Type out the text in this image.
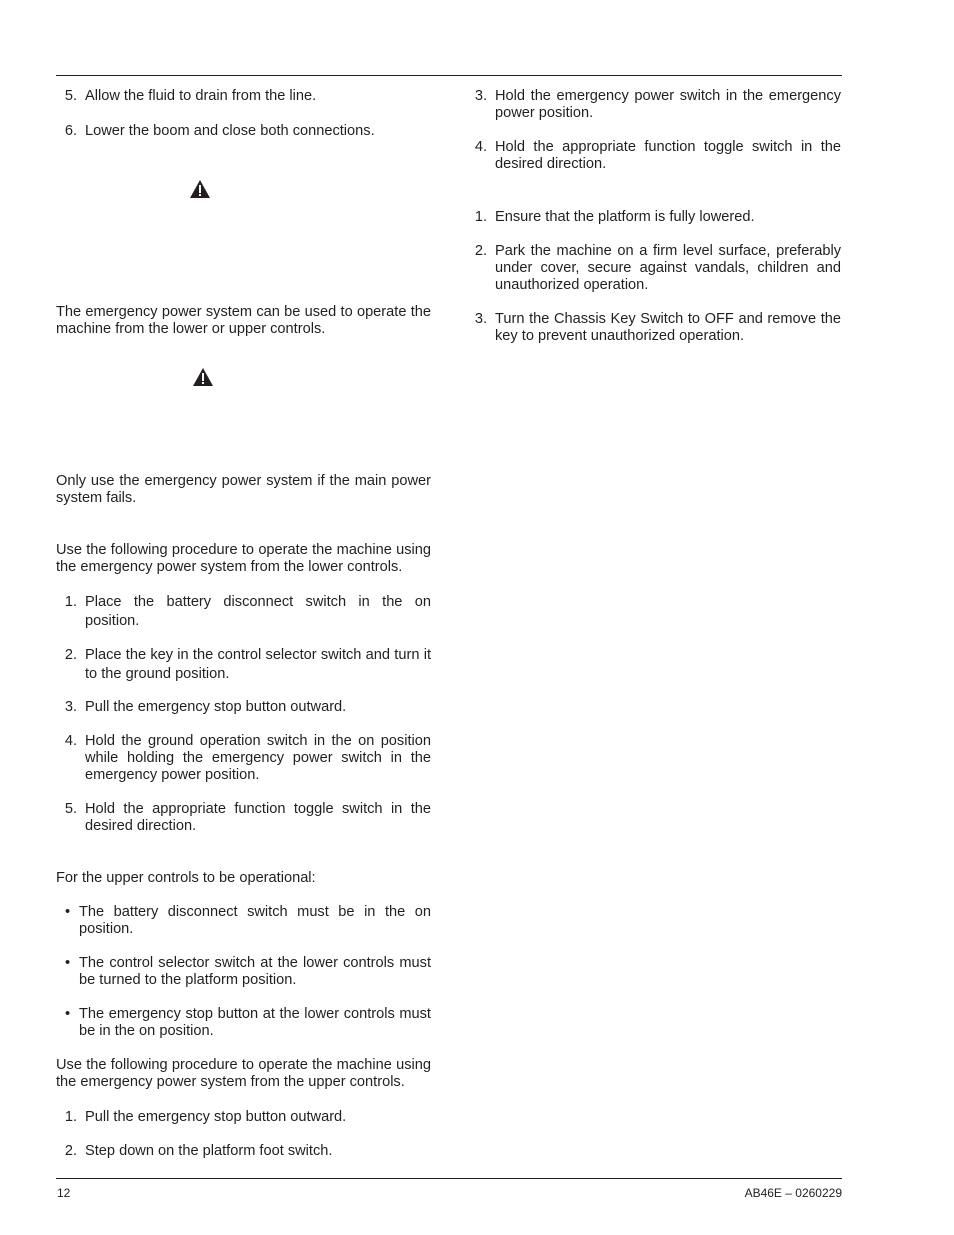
5. Allow the fluid to drain from the line.
6. Lower the boom and close both connections.

The emergency power system can be used to operate the machine from the lower or upper controls.

Only use the emergency power system if the main power system fails.

Use the following procedure to operate the machine using the emergency power system from the lower controls.

1. Place the battery disconnect switch in the on position.
2. Place the key in the control selector switch and turn it to the ground position.
3. Pull the emergency stop button outward.
4. Hold the ground operation switch in the on position while holding the emergency power switch in the emergency power position.
5. Hold the appropriate function toggle switch in the desired direction.

For the upper controls to be operational:

• The battery disconnect switch must be in the on position.
• The control selector switch at the lower controls must be turned to the platform position.
• The emergency stop button at the lower controls must be in the on position.

Use the following procedure to operate the machine using the emergency power system from the upper controls.

1. Pull the emergency stop button outward.
2. Step down on the platform foot switch.
3. Hold the emergency power switch in the emergency power position.
4. Hold the appropriate function toggle switch in the desired direction.
1. Ensure that the platform is fully lowered.
2. Park the machine on a firm level surface, preferably under cover, secure against vandals, children and unauthorized operation.
3. Turn the Chassis Key Switch to OFF and remove the key to prevent unauthorized operation.
12	AB46E – 0260229
